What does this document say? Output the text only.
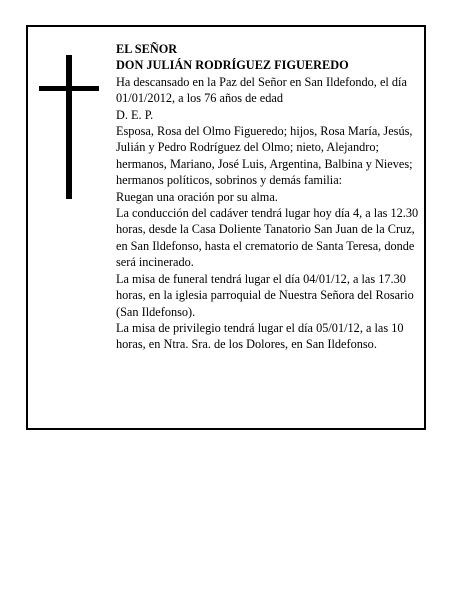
EL SEÑOR

DON JULIÁN RODRÍGUEZ FIGUEREDO

Ha descansado en la Paz del Señor en San Ildefondo, el día 01/01/2012, a los 76 años de edad

D. E. P.

Esposa, Rosa del Olmo Figueredo; hijos, Rosa María, Jesús, Julián y Pedro Rodríguez del Olmo; nieto, Alejandro; hermanos, Mariano, José Luis, Argentina, Balbina y Nieves; hermanos políticos, sobrinos y demás familia:

Ruegan una oración por su alma.

La conducción del cadáver tendrá lugar hoy día 4, a las 12.30 horas, desde la Casa Doliente Tanatorio San Juan de la Cruz, en San Ildefonso, hasta el crematorio de Santa Teresa, donde será incinerado.

La misa de funeral tendrá lugar el día 04/01/12, a las 17.30 horas, en la iglesia parroquial de Nuestra Señora del Rosario (San Ildefonso).

La misa de privilegio tendrá lugar el día 05/01/12, a las 10 horas, en Ntra. Sra. de los Dolores, en San Ildefonso.
